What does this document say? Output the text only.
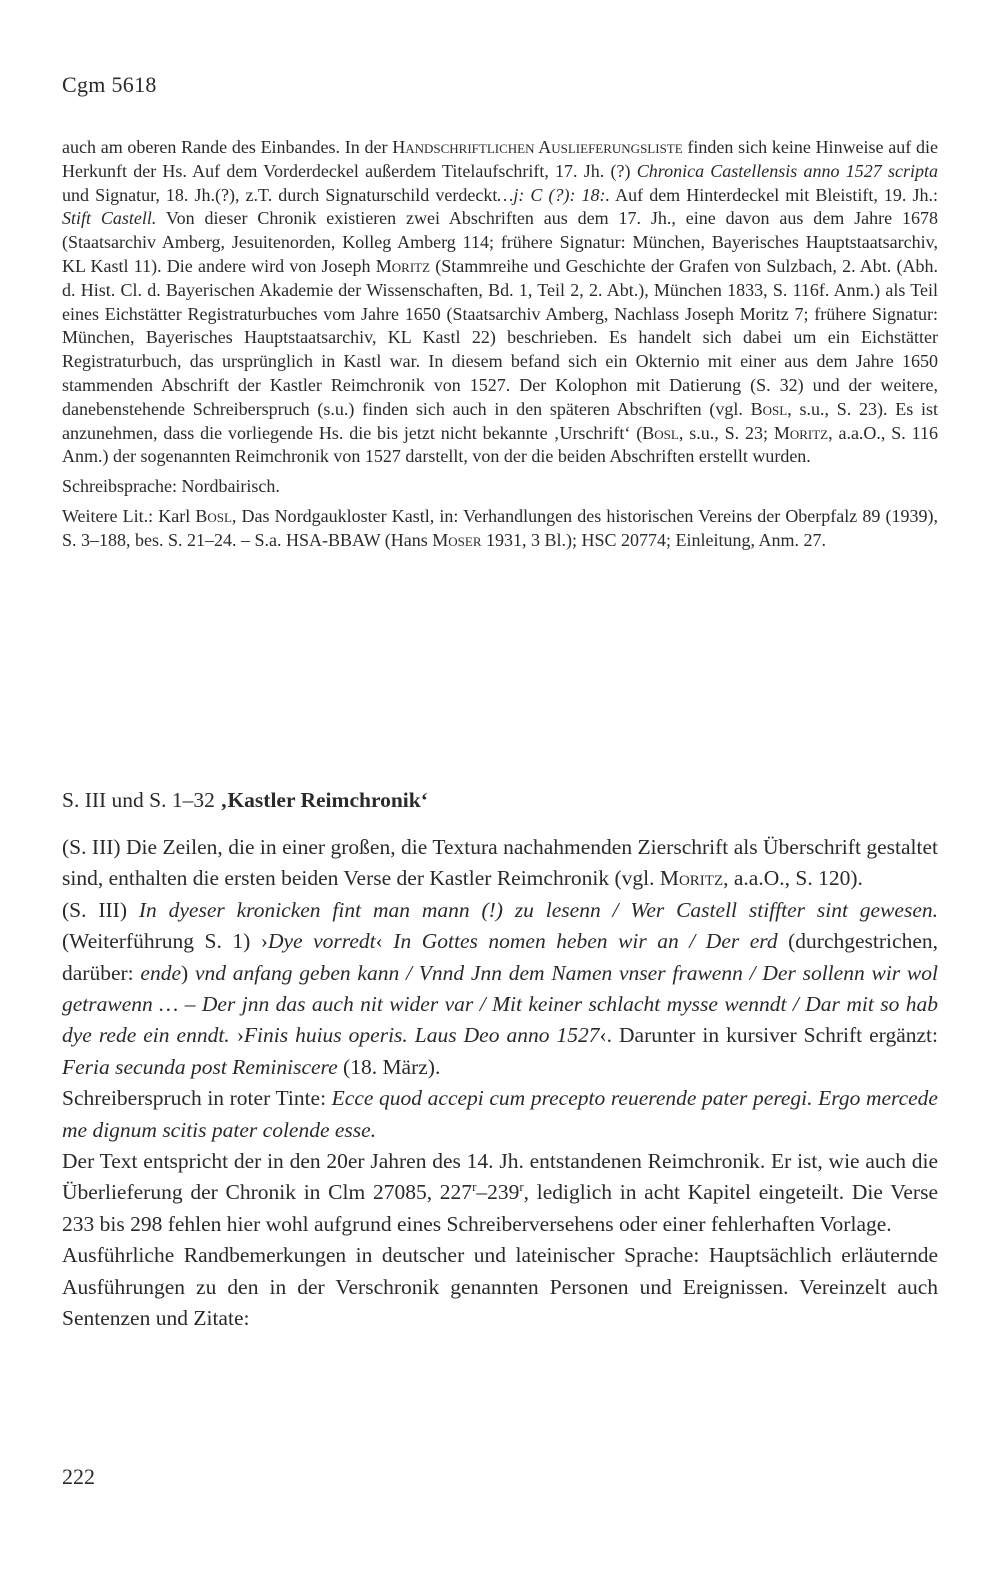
Cgm 5618

auch am oberen Rande des Einbandes. In der Handschriftlichen Auslieferungsliste finden sich keine Hinweise auf die Herkunft der Hs. Auf dem Vorderdeckel außerdem Titelaufschrift, 17. Jh. (?) Chronica Castellensis anno 1527 scripta und Signatur, 18. Jh.(?), z.T. durch Signaturschild verdeckt…j: C (?): 18:. Auf dem Hinterdeckel mit Bleistift, 19. Jh.: Stift Castell. Von dieser Chronik existieren zwei Abschriften aus dem 17. Jh., eine davon aus dem Jahre 1678 (Staatsarchiv Amberg, Jesuitenorden, Kolleg Amberg 114; frühere Signatur: München, Bayerisches Hauptstaatsarchiv, KL Kastl 11). Die andere wird von Joseph Moritz (Stammreihe und Geschichte der Grafen von Sulzbach, 2. Abt. (Abh. d. Hist. Cl. d. Bayerischen Akademie der Wissenschaften, Bd. 1, Teil 2, 2. Abt.), München 1833, S. 116f. Anm.) als Teil eines Eichstätter Registraturbuches vom Jahre 1650 (Staatsarchiv Amberg, Nachlass Joseph Moritz 7; frühere Signatur: München, Bayerisches Hauptstaatsarchiv, KL Kastl 22) beschrieben. Es handelt sich dabei um ein Eichstätter Registraturbuch, das ursprünglich in Kastl war. In diesem befand sich ein Okternio mit einer aus dem Jahre 1650 stammenden Abschrift der Kastler Reimchronik von 1527. Der Kolophon mit Datierung (S. 32) und der weitere, danebenstehende Schreiberspruch (s.u.) finden sich auch in den späteren Abschriften (vgl. Bosl, s.u., S. 23). Es ist anzunehmen, dass die vorliegende Hs. die bis jetzt nicht bekannte ‚Urschrift‘ (Bosl, s.u., S. 23; Moritz, a.a.O., S. 116 Anm.) der sogenannten Reimchronik von 1527 darstellt, von der die beiden Abschriften erstellt wurden.

Schreibsprache: Nordbairisch.

Weitere Lit.: Karl Bosl, Das Nordgaukloster Kastl, in: Verhandlungen des historischen Vereins der Oberpfalz 89 (1939), S. 3–188, bes. S. 21–24. – S.a. HSA-BBAW (Hans Moser 1931, 3 Bl.); HSC 20774; Einleitung, Anm. 27.

S. III und S. 1–32 ‚Kastler Reimchronik‘

(S. III) Die Zeilen, die in einer großen, die Textura nachahmenden Zierschrift als Überschrift gestaltet sind, enthalten die ersten beiden Verse der Kastler Reimchronik (vgl. Moritz, a.a.O., S. 120).

(S. III) In dyeser kronicken fint man mann (!) zu lesenn / Wer Castell stiffter sint gewesen. (Weiterführung S. 1) ›Dye vorredt‹ In Gottes nomen heben wir an / Der erd (durchgestrichen, darüber: ende) vnd anfang geben kann / Vnnd Jnn dem Namen vnser frawenn / Der sollenn wir wol getrawenn … – Der jnn das auch nit wider var / Mit keiner schlacht mysse wenndt / Dar mit so hab dye rede ein enndt. ›Finis huius operis. Laus Deo anno 1527‹. Darunter in kursiver Schrift ergänzt: Feria secunda post Reminiscere (18. März).

Schreiberspruch in roter Tinte: Ecce quod accepi cum precepto reuerende pater peregi. Ergo mercede me dignum scitis pater colende esse.

Der Text entspricht der in den 20er Jahren des 14. Jh. entstandenen Reimchronik. Er ist, wie auch die Überlieferung der Chronik in Clm 27085, 227$^r$–239$^r$, lediglich in acht Kapitel eingeteilt. Die Verse 233 bis 298 fehlen hier wohl aufgrund eines Schreiberversehens oder einer fehlerhaften Vorlage.

Ausführliche Randbemerkungen in deutscher und lateinischer Sprache: Hauptsächlich erläuternde Ausführungen zu den in der Verschronik genannten Personen und Ereignissen. Vereinzelt auch Sentenzen und Zitate:

222
